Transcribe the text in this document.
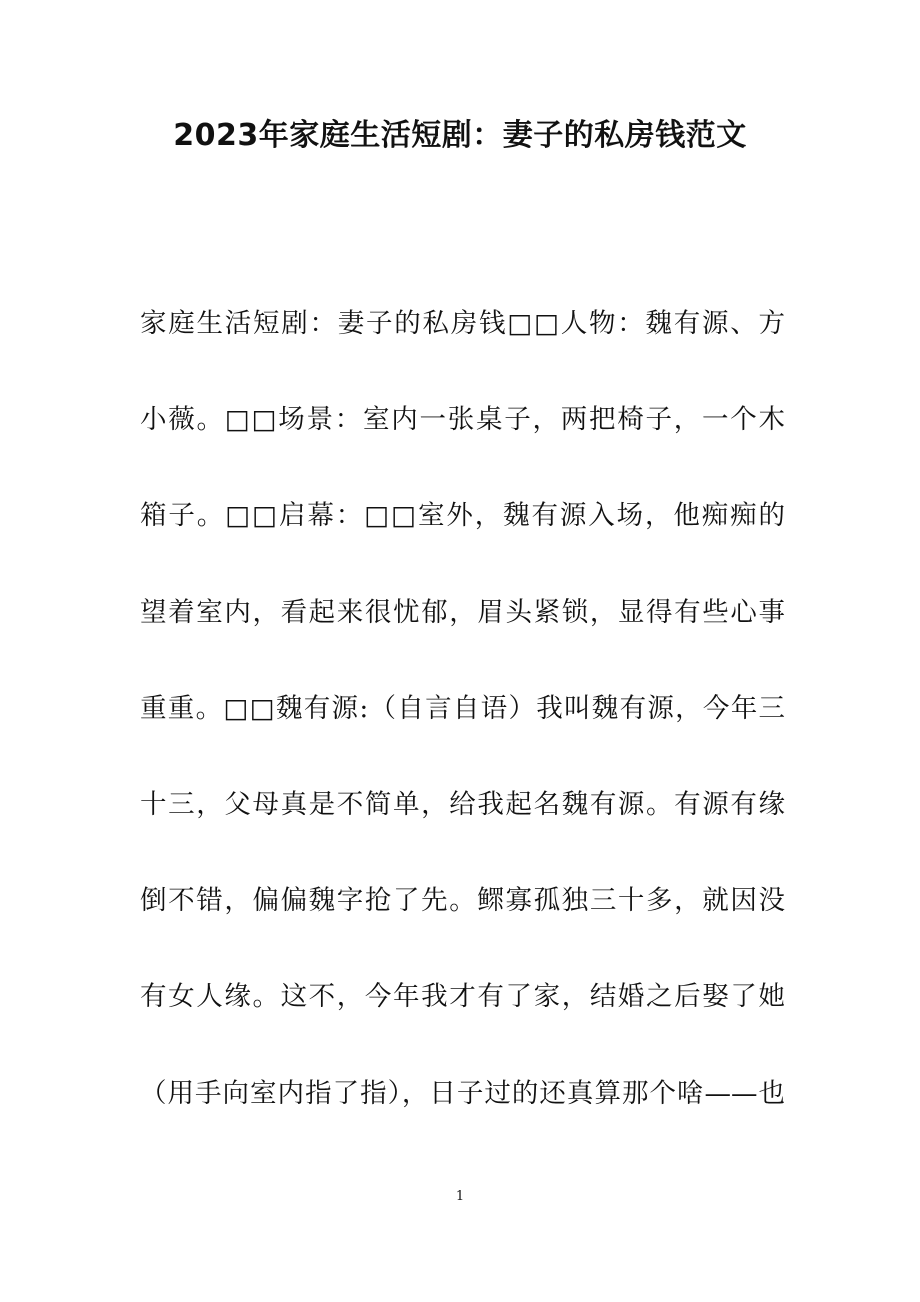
2023年家庭生活短剧：妻子的私房钱范文
家庭生活短剧：妻子的私房钱□□人物：魏有源、方
小薇。□□场景：室内一张桌子，两把椅子，一个木
箱子。□□启幕：□□室外，魏有源入场，他痴痴的
望着室内，看起来很忧郁，眉头紧锁，显得有些心事
重重。□□魏有源:（自言自语）我叫魏有源，今年三
十三，父母真是不简单，给我起名魏有源。有源有缘
倒不错，偏偏魏字抢了先。鳏寡孤独三十多，就因没
有女人缘。这不，今年我才有了家，结婚之后娶了她
（用手向室内指了指），日子过的还真算那个啥——也
1
